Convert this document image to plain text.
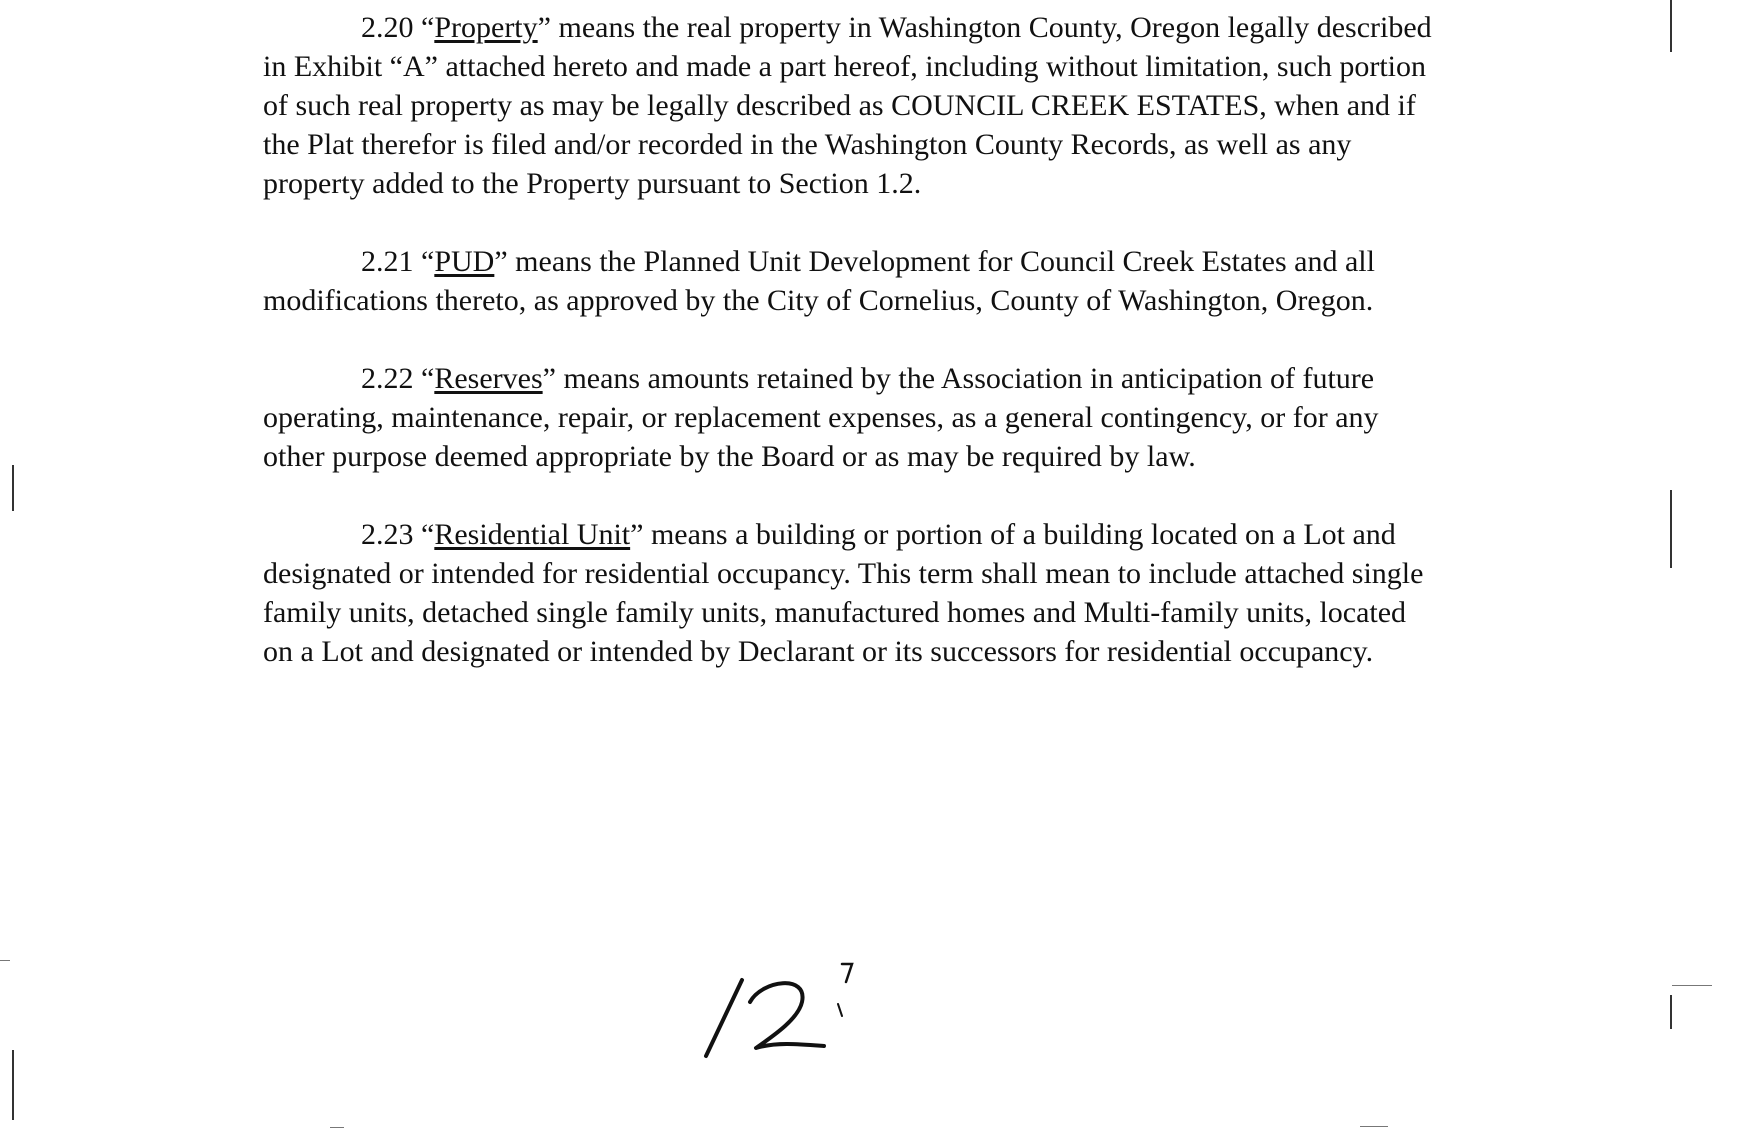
2.20 “Property” means the real property in Washington County, Oregon legally described in Exhibit “A” attached hereto and made a part hereof, including without limitation, such portion of such real property as may be legally described as COUNCIL CREEK ESTATES, when and if the Plat therefor is filed and/or recorded in the Washington County Records, as well as any property added to the Property pursuant to Section 1.2.

2.21 “PUD” means the Planned Unit Development for Council Creek Estates and all modifications thereto, as approved by the City of Cornelius, County of Washington, Oregon.

2.22 “Reserves” means amounts retained by the Association in anticipation of future operating, maintenance, repair, or replacement expenses, as a general contingency, or for any other purpose deemed appropriate by the Board or as may be required by law.

2.23 “Residential Unit” means a building or portion of a building located on a Lot and designated or intended for residential occupancy. This term shall mean to include attached single family units, detached single family units, manufactured homes and Multi-family units, located on a Lot and designated or intended by Declarant or its successors for residential occupancy.
